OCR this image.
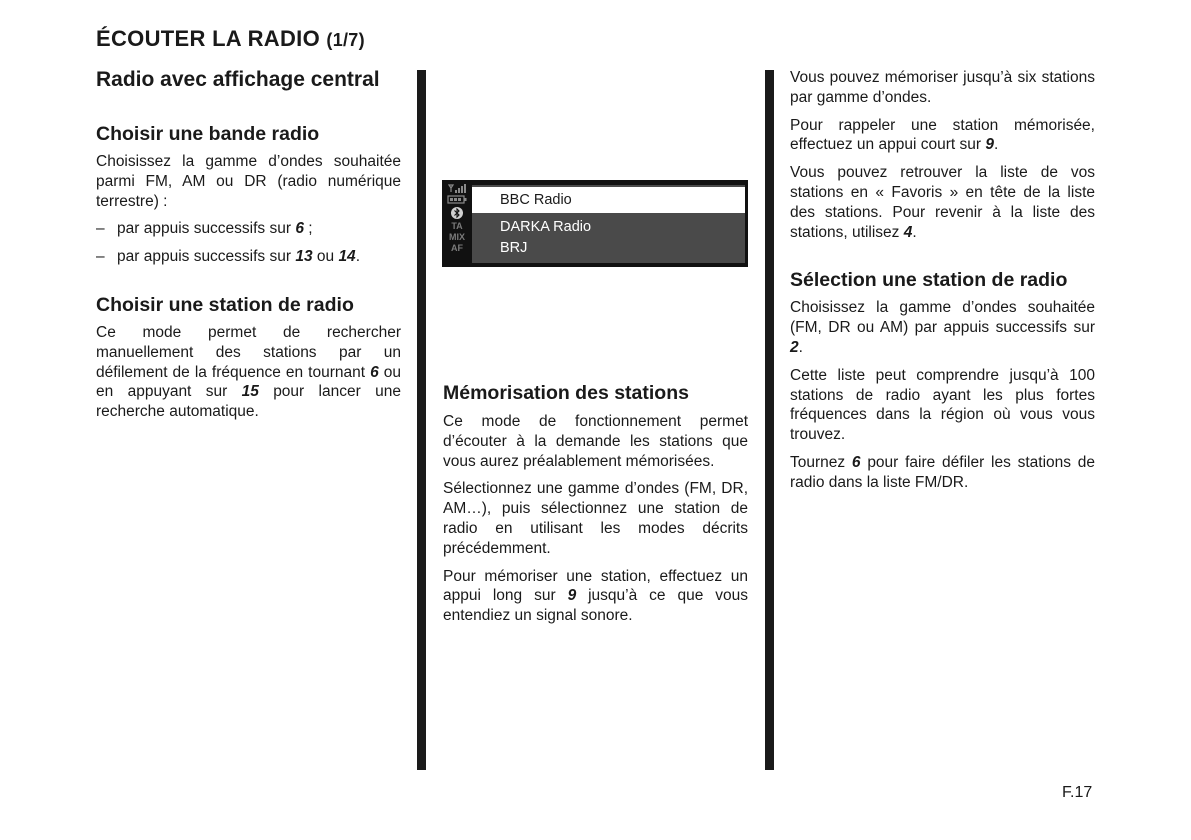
ÉCOUTER LA RADIO (1/7)
Radio avec affichage central
Choisir une bande radio

Choisissez la gamme d’ondes souhaitée parmi FM, AM ou DR (radio numérique terrestre) :

– par appuis successifs sur 6 ;
– par appuis successifs sur 13 ou 14.
Choisir une station de radio

Ce mode permet de rechercher manuellement des stations par un défilement de la fréquence en tournant 6 ou en appuyant sur 15 pour lancer une recherche automatique.

TA
MIX
AF
BBC Radio
DARKA Radio
BRJ
Mémorisation des stations

Ce mode de fonctionnement permet d’écouter à la demande les stations que vous aurez préalablement mémorisées.

Sélectionnez une gamme d’ondes (FM, DR, AM…), puis sélectionnez une station de radio en utilisant les modes décrits précédemment.

Pour mémoriser une station, effectuez un appui long sur 9 jusqu’à ce que vous entendiez un signal sonore.

Vous pouvez mémoriser jusqu’à six stations par gamme d’ondes.

Pour rappeler une station mémorisée, effectuez un appui court sur 9.

Vous pouvez retrouver la liste de vos stations en « Favoris » en tête de la liste des stations. Pour revenir à la liste des stations, utilisez 4.

Sélection une station de radio

Choisissez la gamme d’ondes souhaitée (FM, DR ou AM) par appuis successifs sur 2.

Cette liste peut comprendre jusqu’à 100 stations de radio ayant les plus fortes fréquences dans la région où vous vous trouvez.

Tournez 6 pour faire défiler les stations de radio dans la liste FM/DR.

F.17
